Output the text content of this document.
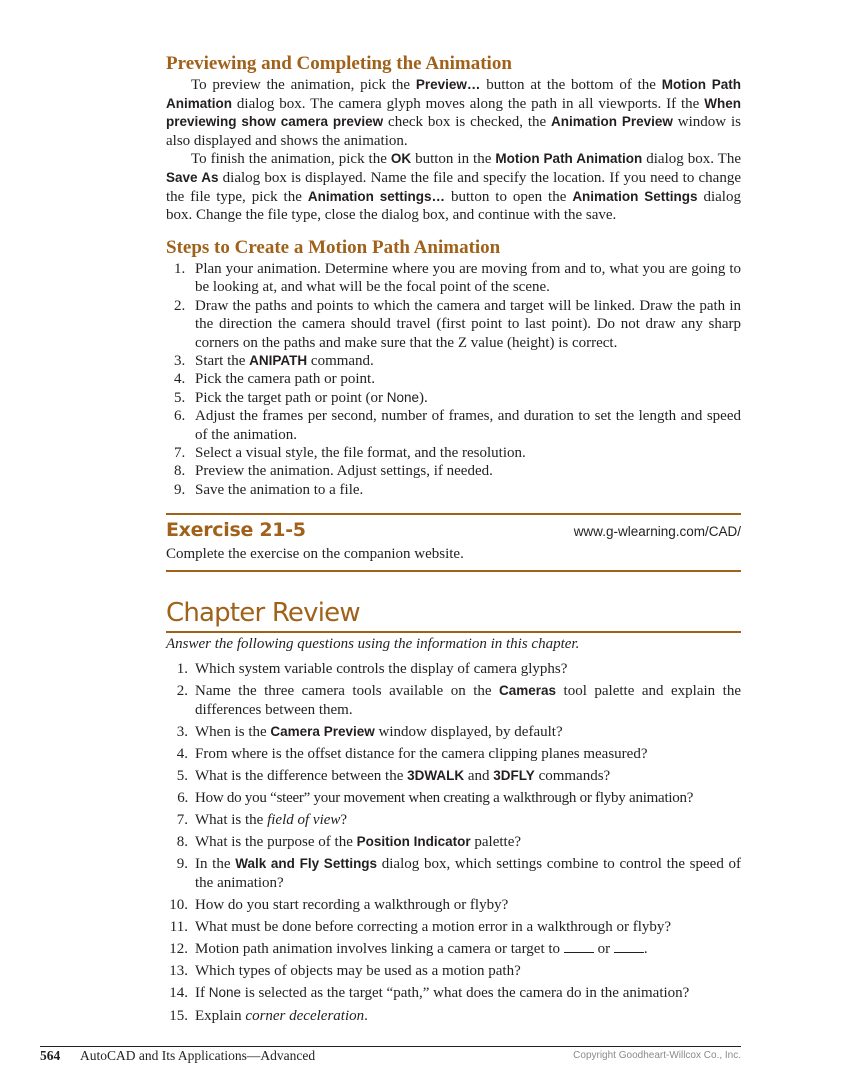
Previewing and Completing the Animation

To preview the animation, pick the Preview… button at the bottom of the Motion Path Animation dialog box. The camera glyph moves along the path in all viewports. If the When previewing show camera preview check box is checked, the Animation Preview window is also displayed and shows the animation.

To finish the animation, pick the OK button in the Motion Path Animation dialog box. The Save As dialog box is displayed. Name the file and specify the location. If you need to change the file type, pick the Animation settings… button to open the Animation Settings dialog box. Change the file type, close the dialog box, and continue with the save.

Steps to Create a Motion Path Animation
1. Plan your animation. Determine where you are moving from and to, what you are going to be looking at, and what will be the focal point of the scene.
2. Draw the paths and points to which the camera and target will be linked. Draw the path in the direction the camera should travel (first point to last point). Do not draw any sharp corners on the paths and make sure that the Z value (height) is correct.
3. Start the ANIPATH command.
4. Pick the camera path or point.
5. Pick the target path or point (or None).
6. Adjust the frames per second, number of frames, and duration to set the length and speed of the animation.
7. Select a visual style, the file format, and the resolution.
8. Preview the animation. Adjust settings, if needed.
9. Save the animation to a file.
Exercise 21-5	www.g-wlearning.com/CAD/
Complete the exercise on the companion website.
Chapter Review
Answer the following questions using the information in this chapter.
1. Which system variable controls the display of camera glyphs?
2. Name the three camera tools available on the Cameras tool palette and explain the differences between them.
3. When is the Camera Preview window displayed, by default?
4. From where is the offset distance for the camera clipping planes measured?
5. What is the difference between the 3DWALK and 3DFLY commands?
6. How do you “steer” your movement when creating a walkthrough or flyby animation?
7. What is the field of view?
8. What is the purpose of the Position Indicator palette?
9. In the Walk and Fly Settings dialog box, which settings combine to control the speed of the animation?
10. How do you start recording a walkthrough or flyby?
11. What must be done before correcting a motion error in a walkthrough or flyby?
12. Motion path animation involves linking a camera or target to  or .
13. Which types of objects may be used as a motion path?
14. If None is selected as the target “path,” what does the camera do in the animation?
15. Explain corner deceleration.
564 AutoCAD and Its Applications—Advanced	Copyright Goodheart-Willcox Co., Inc.
